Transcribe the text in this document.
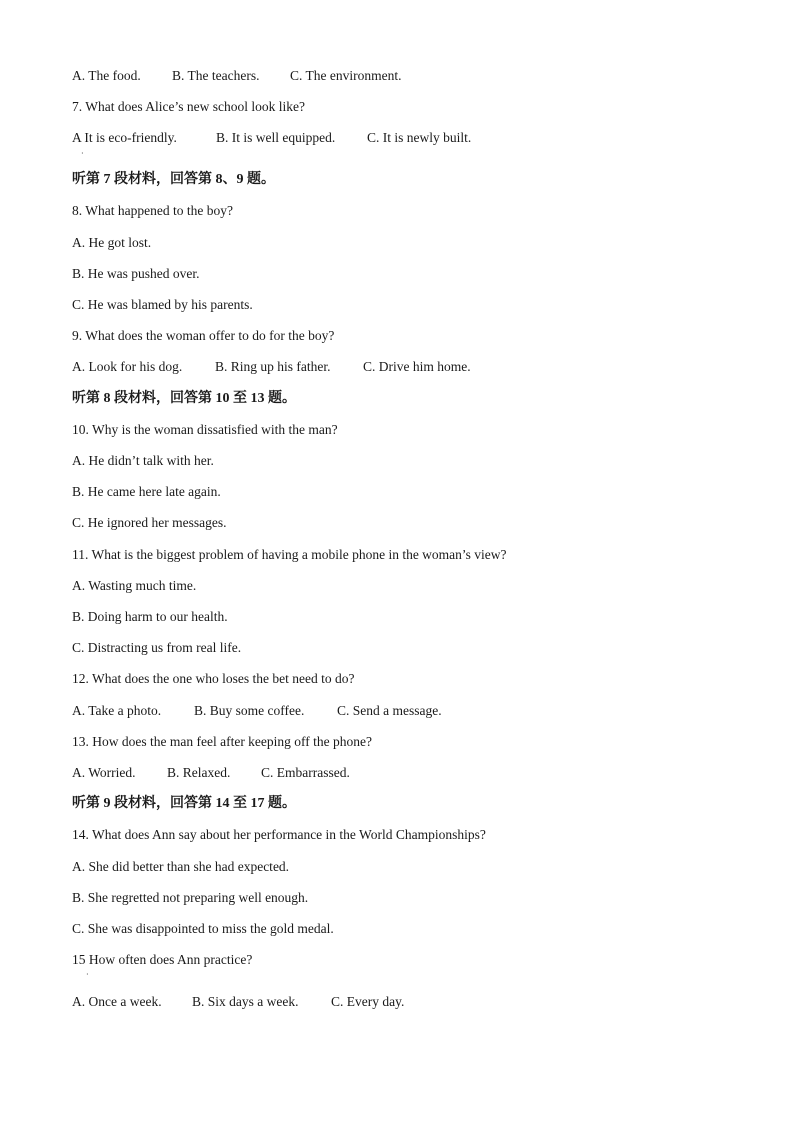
A. The food. B. The teachers. C. The environment.
7. What does Alice’s new school look like?
A It is eco-friendly.	B. It is well equipped. C. It is newly built.
·
听第 7 段材料，回答第 8、9 题。
8. What happened to the boy?
A. He got lost.
B. He was pushed over.
C. He was blamed by his parents.
9. What does the woman offer to do for the boy?
A. Look for his dog. B. Ring up his father. C. Drive him home.
听第 8 段材料，回答第 10 至 13 题。
10. Why is the woman dissatisfied with the man?
A. He didn’t talk with her.
B. He came here late again.
C. He ignored her messages.
11. What is the biggest problem of having a mobile phone in the woman’s view?
A. Wasting much time.
B. Doing harm to our health.
C. Distracting us from real life.
12. What does the one who loses the bet need to do?
A. Take a photo. B. Buy some coffee. C. Send a message.
13. How does the man feel after keeping off the phone?
A. Worried. B. Relaxed. C. Embarrassed.
听第 9 段材料，回答第 14 至 17 题。
14. What does Ann say about her performance in the World Championships?
A. She did better than she had expected.
B. She regretted not preparing well enough.
C. She was disappointed to miss the gold medal.
15 How often does Ann practice?
·
A. Once a week. B. Six days a week. C. Every day.
